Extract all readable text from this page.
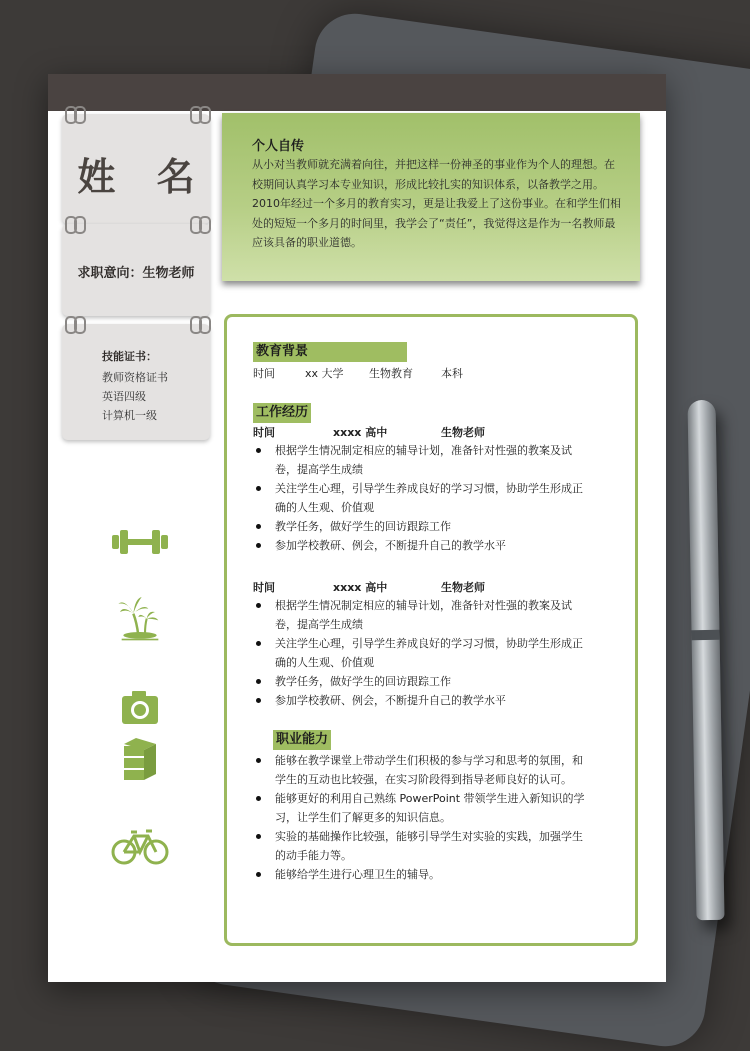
姓 名
求职意向：生物老师
技能证书：
教师资格证书
英语四级
计算机一级
个人自传
从小对当教师就充满着向往，并把这样一份神圣的事业作为个人的理想。在校期间认真学习本专业知识，形成比较扎实的知识体系，以备教学之用。2010年经过一个多月的教育实习，更是让我爱上了这份事业。在和学生们相处的短短一个多月的时间里，我学会了“责任”，我觉得这是作为一名教师最应该具备的职业道德。
教育背景
时间	xx 大学 生物教育	本科
工作经历
时间	xxxx 高中	生物老师
根据学生情况制定相应的辅导计划，准备针对性强的教案及试卷，提高学生成绩
关注学生心理，引导学生养成良好的学习习惯，协助学生形成正确的人生观、价值观
教学任务，做好学生的回访跟踪工作
参加学校教研、例会，不断提升自己的教学水平
时间	xxxx 高中	生物老师
根据学生情况制定相应的辅导计划，准备针对性强的教案及试卷，提高学生成绩
关注学生心理，引导学生养成良好的学习习惯，协助学生形成正确的人生观、价值观
教学任务，做好学生的回访跟踪工作
参加学校教研、例会，不断提升自己的教学水平
职业能力
能够在教学课堂上带动学生们积极的参与学习和思考的氛围，和学生的互动也比较强，在实习阶段得到指导老师良好的认可。
能够更好的利用自己熟练 PowerPoint 带领学生进入新知识的学习，让学生们了解更多的知识信息。
实验的基础操作比较强，能够引导学生对实验的实践，加强学生的动手能力等。
能够给学生进行心理卫生的辅导。
